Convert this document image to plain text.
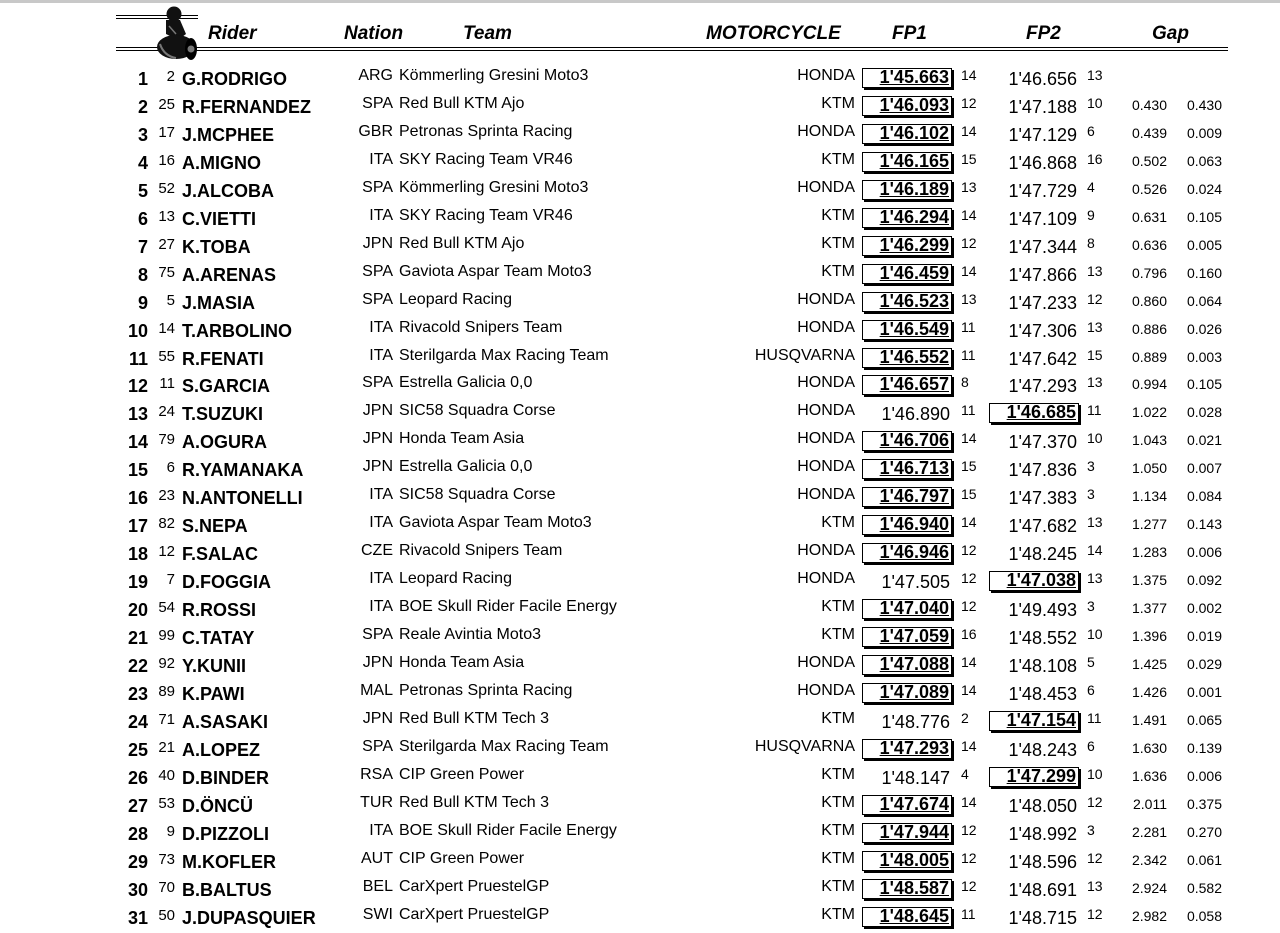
Rider	Nation	Team	MOTORCYCLE	FP1	FP2	Gap
1 2 G.RODRIGO	ARG Kömmerling Gresini Moto3	HONDA	1'45.663 14	1'46.656 13
2 25 R.FERNANDEZ	SPA Red Bull KTM Ajo	KTM	1'46.093 12	1'47.188 10 0.430 0.430
3 17 J.MCPHEE	GBR Petronas Sprinta Racing	HONDA	1'46.102 14	1'47.129 6	0.439 0.009
4 16 A.MIGNO	ITA SKY Racing Team VR46	KTM	1'46.165 15	1'46.868 16 0.502 0.063
5 52 J.ALCOBA	SPA Kömmerling Gresini Moto3	HONDA	1'46.189 13	1'47.729 4	0.526 0.024
6 13 C.VIETTI	ITA SKY Racing Team VR46	KTM	1'46.294 14	1'47.109 9	0.631 0.105
7 27 K.TOBA	JPN Red Bull KTM Ajo	KTM	1'46.299 12	1'47.344 8	0.636 0.005
8 75 A.ARENAS	SPA Gaviota Aspar Team Moto3	KTM	1'46.459 14	1'47.866 13 0.796 0.160
9 5 J.MASIA	SPA Leopard Racing	HONDA	1'46.523 13	1'47.233 12 0.860 0.064
10 14 T.ARBOLINO	ITA Rivacold Snipers Team	HONDA	1'46.549 11	1'47.306 13 0.886 0.026
11 55 R.FENATI	ITA Sterilgarda Max Racing Team	HUSQVARNA	1'46.552 11	1'47.642 15 0.889 0.003
12 11 S.GARCIA	SPA Estrella Galicia 0,0	HONDA	1'46.657 8	1'47.293 13 0.994 0.105
13 24 T.SUZUKI	JPN SIC58 Squadra Corse	HONDA	1'46.890 11	1'46.685 11 1.022 0.028
14 79 A.OGURA	JPN Honda Team Asia	HONDA	1'46.706 14	1'47.370 10 1.043 0.021
15 6 R.YAMANAKA	JPN Estrella Galicia 0,0	HONDA	1'46.713 15	1'47.836 3	1.050 0.007
16 23 N.ANTONELLI	ITA SIC58 Squadra Corse	HONDA	1'46.797 15	1'47.383 3	1.134 0.084
17 82 S.NEPA	ITA Gaviota Aspar Team Moto3	KTM	1'46.940 14	1'47.682 13 1.277 0.143
18 12 F.SALAC	CZE Rivacold Snipers Team	HONDA	1'46.946 12	1'48.245 14 1.283 0.006
19 7 D.FOGGIA	ITA Leopard Racing	HONDA	1'47.505 12	1'47.038 13 1.375 0.092
20 54 R.ROSSI	ITA BOE Skull Rider Facile Energy	KTM	1'47.040 12	1'49.493 3	1.377 0.002
21 99 C.TATAY	SPA Reale Avintia Moto3	KTM	1'47.059 16	1'48.552 10 1.396 0.019
22 92 Y.KUNII	JPN Honda Team Asia	HONDA	1'47.088 14	1'48.108 5	1.425 0.029
23 89 K.PAWI	MAL Petronas Sprinta Racing	HONDA	1'47.089 14	1'48.453 6	1.426 0.001
24 71 A.SASAKI	JPN Red Bull KTM Tech 3	KTM	1'48.776 2	1'47.154 11 1.491 0.065
25 21 A.LOPEZ	SPA Sterilgarda Max Racing Team	HUSQVARNA	1'47.293 14	1'48.243 6	1.630 0.139
26 40 D.BINDER	RSA CIP Green Power	KTM	1'48.147 4	1'47.299 10 1.636 0.006
27 53 D.ÖNCÜ	TUR Red Bull KTM Tech 3	KTM	1'47.674 14	1'48.050 12 2.011 0.375
28 9 D.PIZZOLI	ITA BOE Skull Rider Facile Energy	KTM	1'47.944 12	1'48.992 3	2.281 0.270
29 73 M.KOFLER	AUT CIP Green Power	KTM	1'48.005 12	1'48.596 12 2.342 0.061
30 70 B.BALTUS	BEL CarXpert PruestelGP	KTM	1'48.587 12	1'48.691 13 2.924 0.582
31 50 J.DUPASQUIER	SWI CarXpert PruestelGP	KTM	1'48.645 11	1'48.715 12 2.982 0.058
